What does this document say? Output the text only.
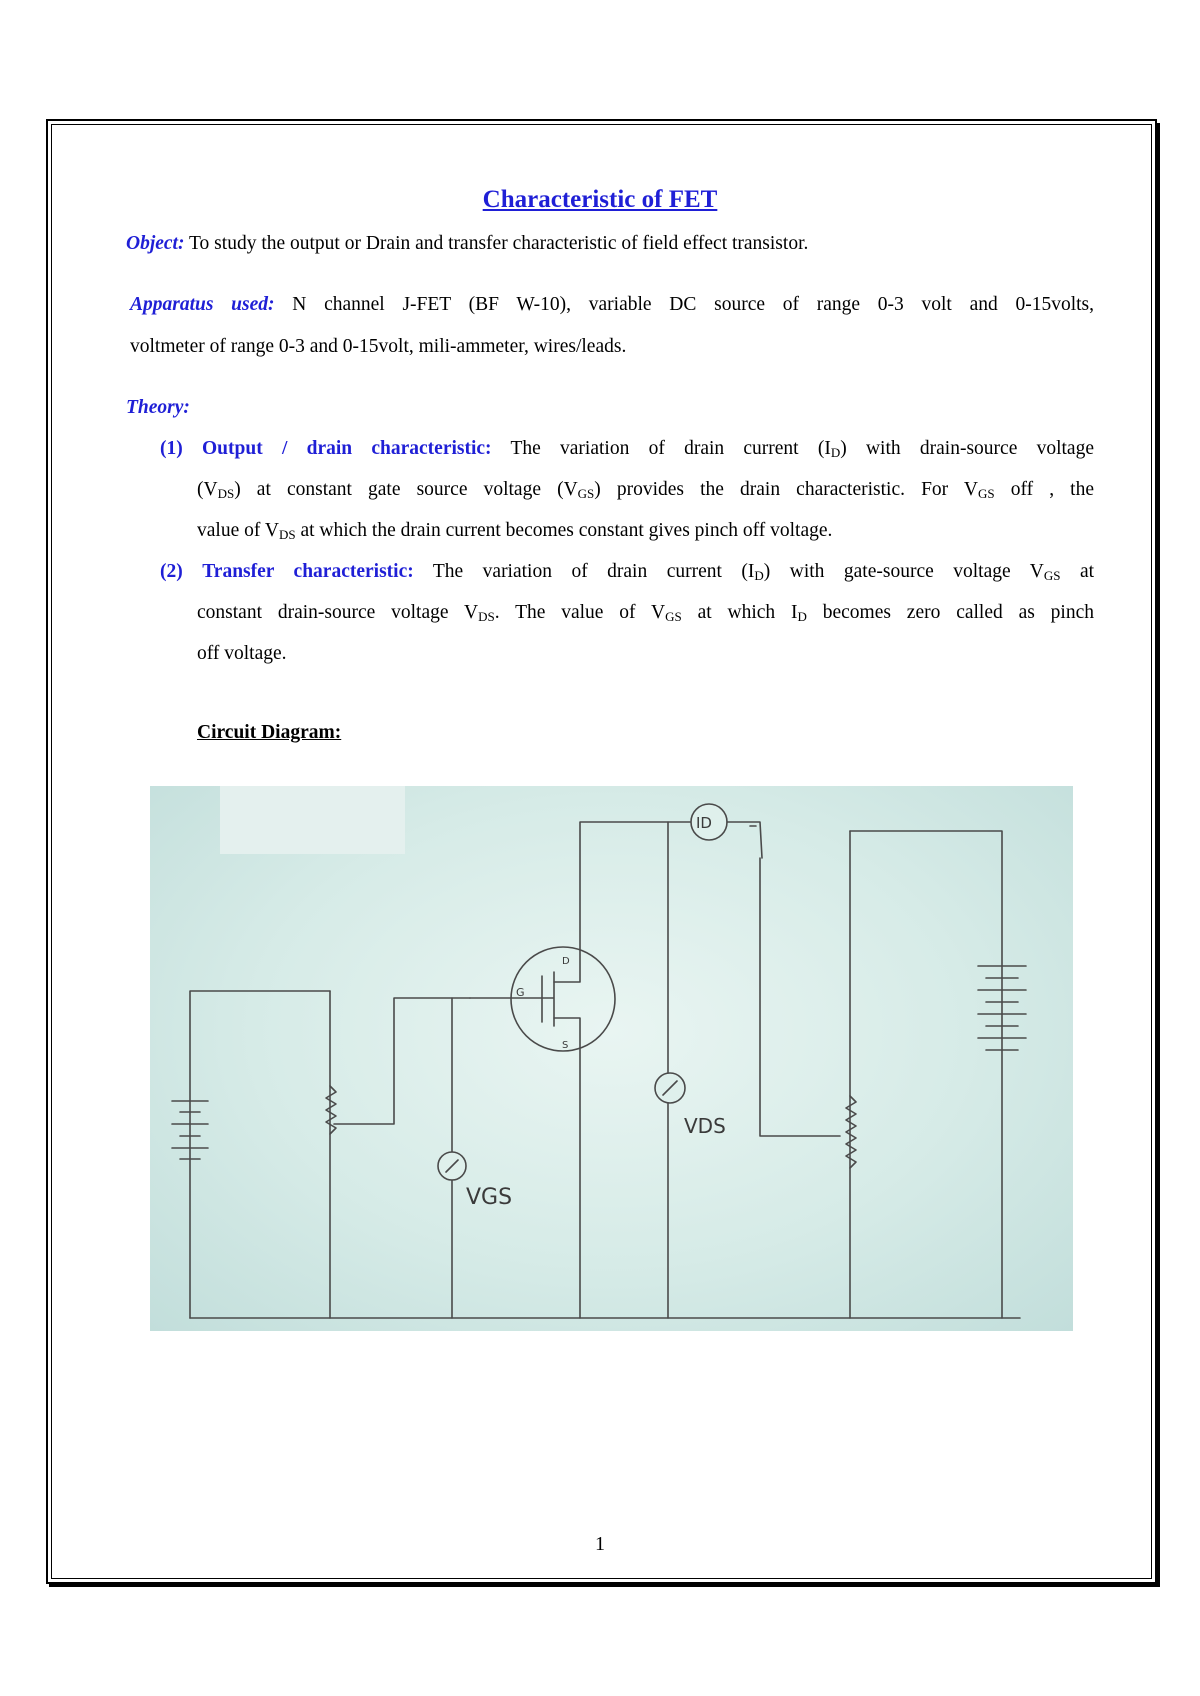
Characteristic of FET
Object: To study the output or Drain and transfer characteristic of field effect transistor.
Apparatus used: N channel J-FET (BF W-10), variable DC source of range 0-3 volt and 0-15volts,
voltmeter of range 0-3 and 0-15volt, mili-ammeter, wires/leads.
Theory:
(1) Output / drain characteristic: The variation of drain current $(I_D)$ with drain-source voltage
$(V_{DS})$ at constant gate source voltage $(V_{GS})$ provides the drain characteristic. For $V_{GS}$ off , the
value of $V_{DS}$ at which the drain current becomes constant gives pinch off voltage.
(2) Transfer characteristic: The variation of drain current $(I_D)$ with gate-source voltage $V_{GS}$ at
constant drain-source voltage $V_{DS}$. The value of $V_{GS}$ at which $I_D$ becomes zero called as pinch
off voltage.
Circuit Diagram:
ID
D
G
S
VGS
VDS
1
